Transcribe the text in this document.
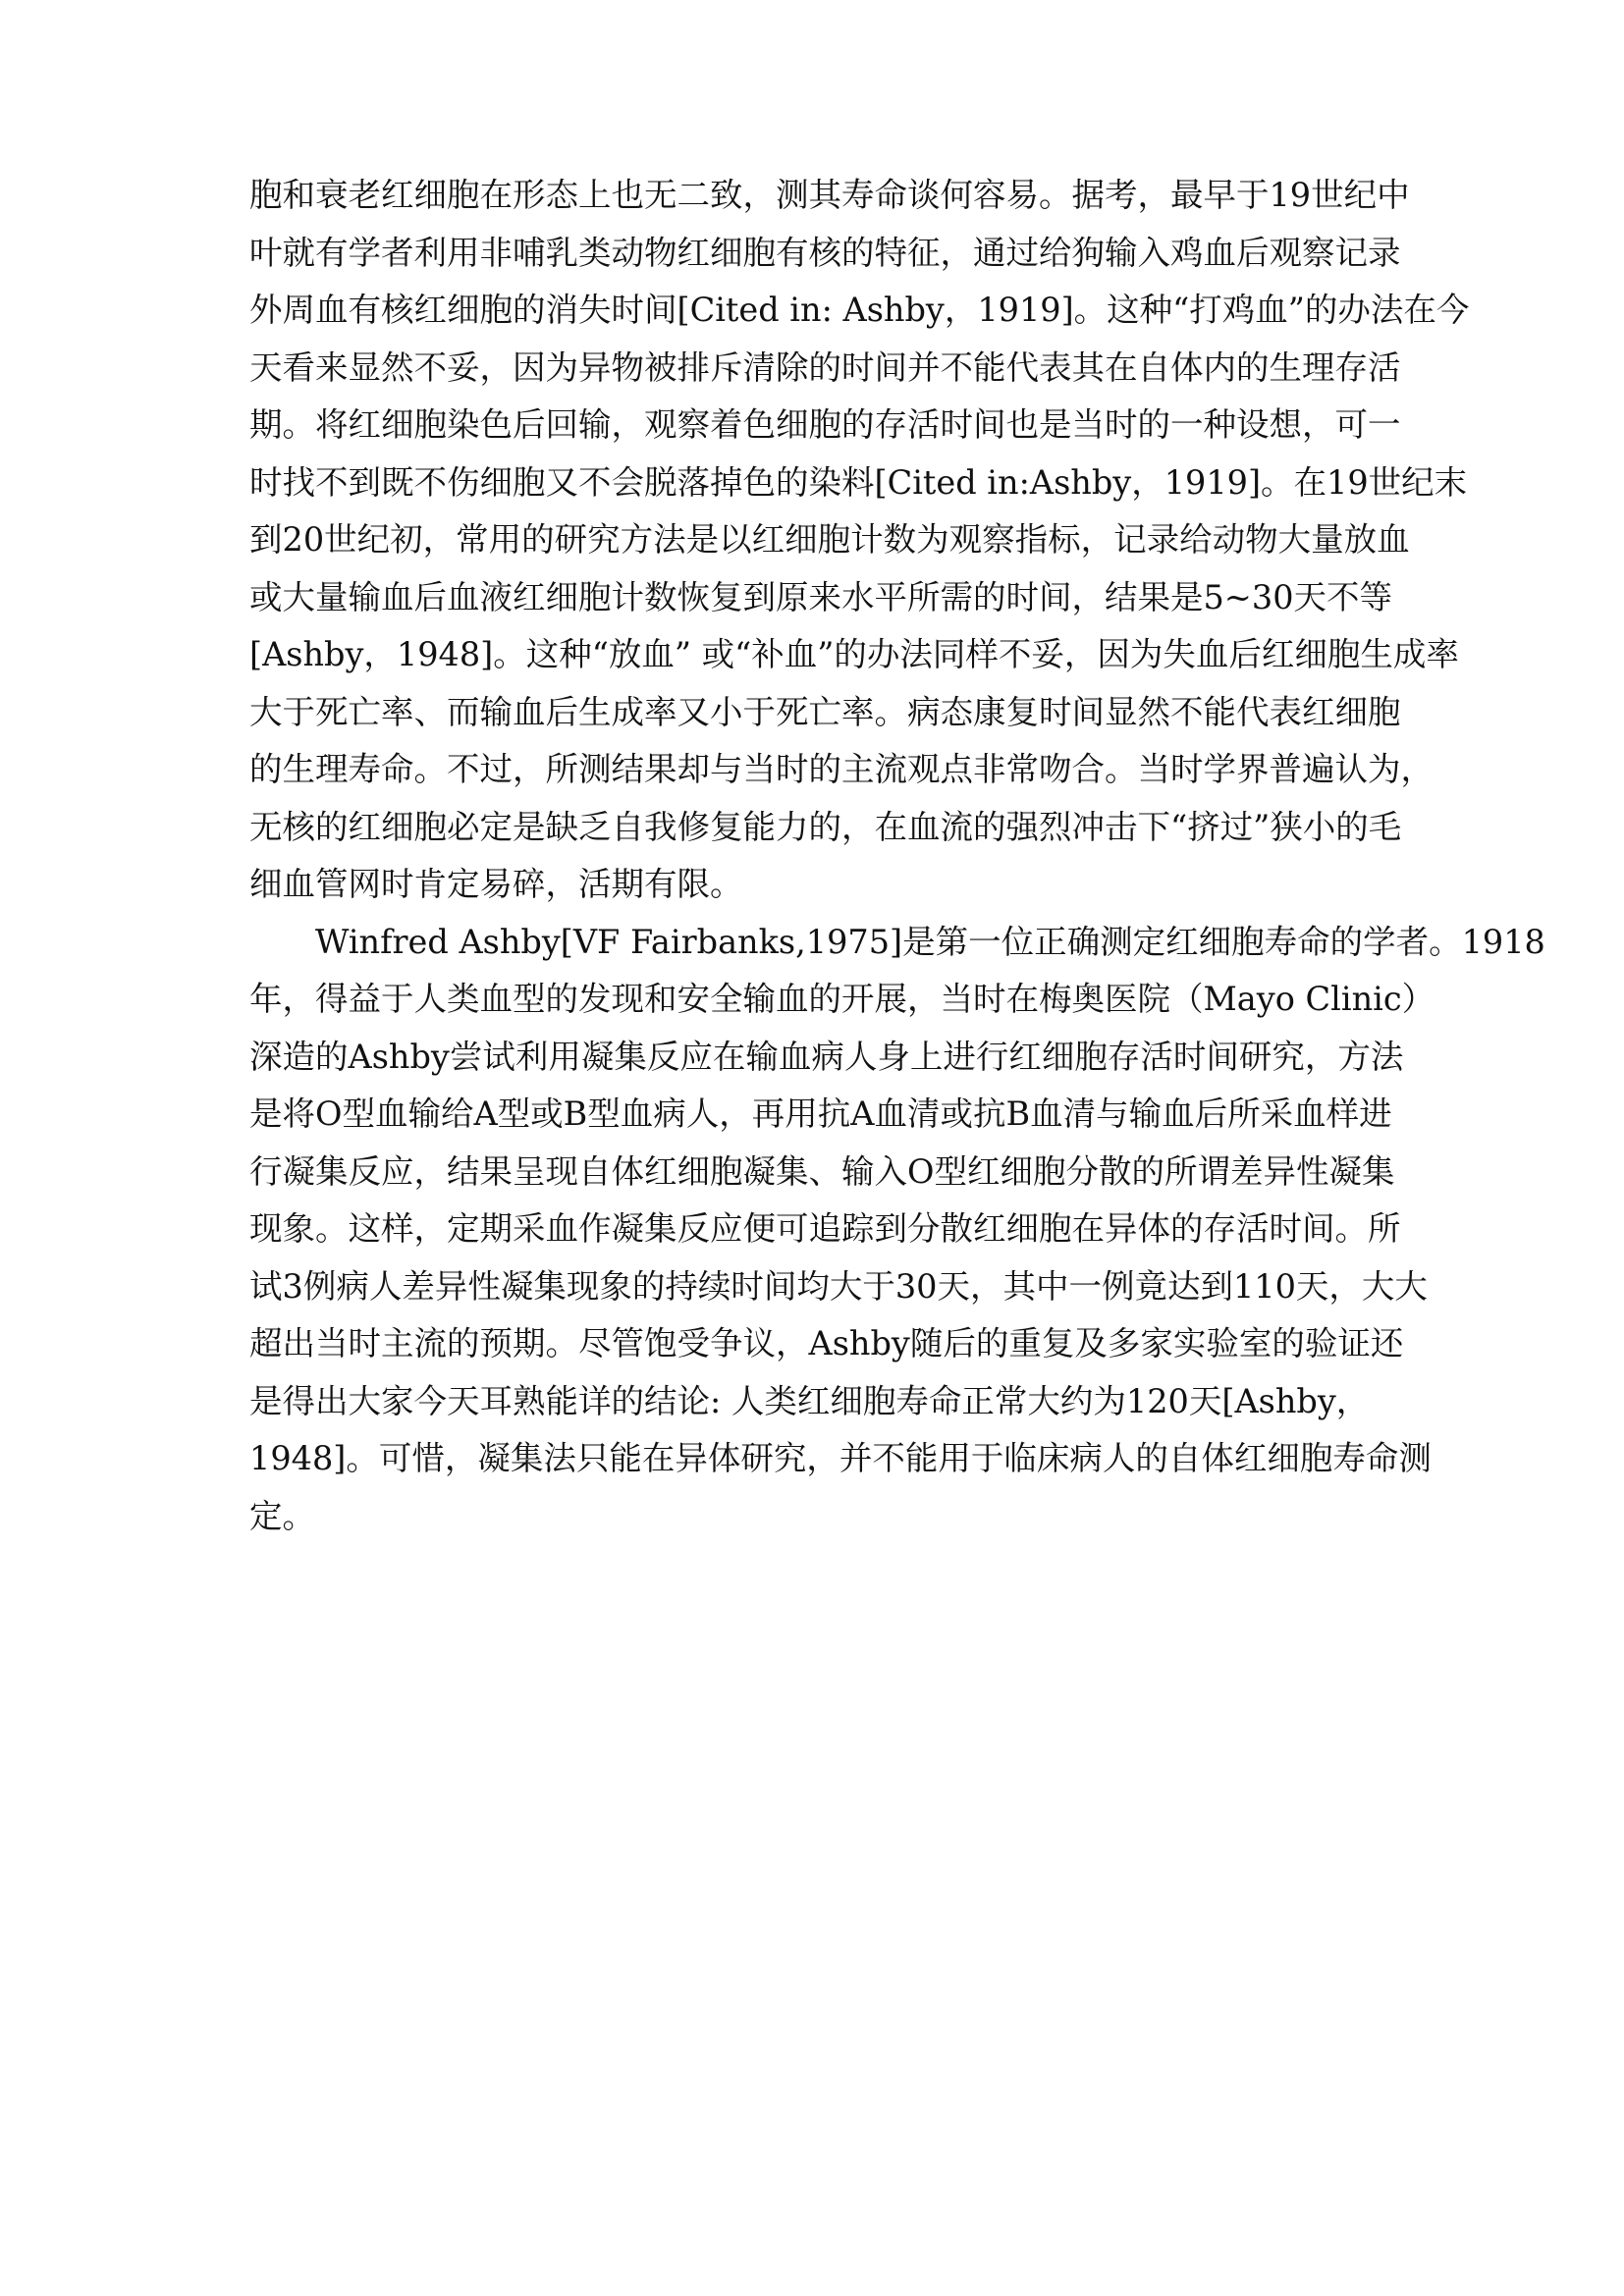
胞和衰老红细胞在形态上也无二致，测其寿命谈何容易。据考，最早于19世纪中
叶就有学者利用非哺乳类动物红细胞有核的特征，通过给狗输入鸡血后观察记录
外周血有核红细胞的消失时间[Cited in: Ashby，1919]。这种“打鸡血”的办法在今
天看来显然不妥，因为异物被排斥清除的时间并不能代表其在自体内的生理存活
期。将红细胞染色后回输，观察着色细胞的存活时间也是当时的一种设想，可一
时找不到既不伤细胞又不会脱落掉色的染料[Cited in:Ashby，1919]。在19世纪末
到20世纪初，常用的研究方法是以红细胞计数为观察指标，记录给动物大量放血
或大量输血后血液红细胞计数恢复到原来水平所需的时间，结果是5~30天不等
[Ashby，1948]。这种“放血” 或“补血”的办法同样不妥，因为失血后红细胞生成率
大于死亡率、而输血后生成率又小于死亡率。病态康复时间显然不能代表红细胞
的生理寿命。不过，所测结果却与当时的主流观点非常吻合。当时学界普遍认为，
无核的红细胞必定是缺乏自我修复能力的，在血流的强烈冲击下“挤过”狭小的毛
细血管网时肯定易碎，活期有限。
Winfred Ashby[VF Fairbanks,1975]是第一位正确测定红细胞寿命的学者。1918
年，得益于人类血型的发现和安全输血的开展，当时在梅奥医院（Mayo Clinic）
深造的Ashby尝试利用凝集反应在输血病人身上进行红细胞存活时间研究，方法
是将O型血输给A型或B型血病人，再用抗A血清或抗B血清与输血后所采血样进
行凝集反应，结果呈现自体红细胞凝集、输入O型红细胞分散的所谓差异性凝集
现象。这样，定期采血作凝集反应便可追踪到分散红细胞在异体的存活时间。所
试3例病人差异性凝集现象的持续时间均大于30天，其中一例竟达到110天，大大
超出当时主流的预期。尽管饱受争议，Ashby随后的重复及多家实验室的验证还
是得出大家今天耳熟能详的结论: 人类红细胞寿命正常大约为120天[Ashby，
1948]。可惜，凝集法只能在异体研究，并不能用于临床病人的自体红细胞寿命测
定。
